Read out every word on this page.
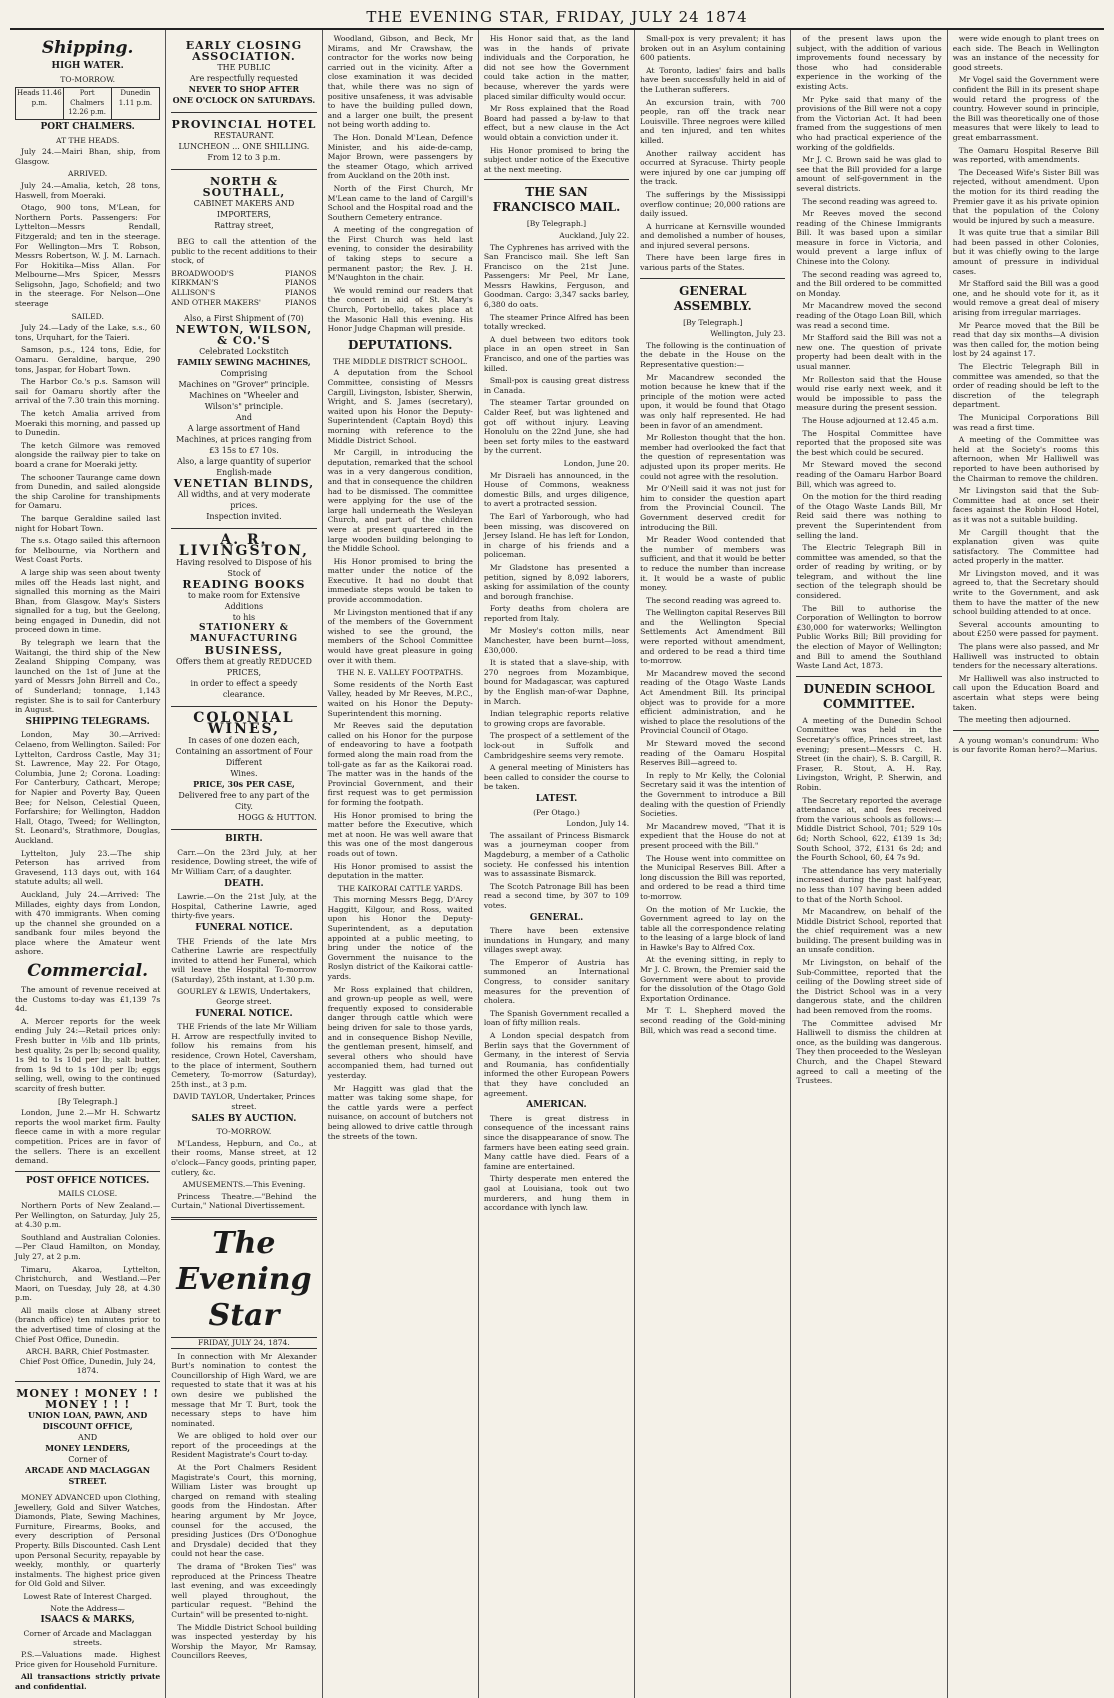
THE EVENING STAR, FRIDAY, JULY 24 1874
Shipping.
HIGH WATER.
TO-MORROW.
Heads 11.46 p.m.
Port Chalmers 12.26 p.m.
Dunedin 1.11 p.m.
PORT CHALMERS.
AT THE HEADS.

July 24.—Mairi Bhan, ship, from Glasgow.

ARRIVED.

July 24.—Amalia, ketch, 28 tons, Haswell, from Moeraki.

Otago, 900 tons, M'Lean, for Northern Ports. Passengers: For Lyttelton—Messrs Rendall, Fitzgerald; and ten in the steerage. For Wellington—Mrs T. Robson, Messrs Robertson, W. J. M. Larnach. For Hokitika—Miss Allan. For Melbourne—Mrs Spicer, Messrs Seligsohn, Jago, Schofield; and two in the steerage. For Nelson—One steerage

SAILED.

July 24.—Lady of the Lake, s.s., 60 tons, Urquhart, for the Taieri.

Samson, p.s., 124 tons, Edie, for Oamaru. Geraldine, barque, 290 tons, Jaspar, for Hobart Town.

The Harbor Co.'s p.s. Samson will sail for Oamaru shortly after the arrival of the 7.30 train this morning.

The ketch Amalia arrived from Moeraki this morning, and passed up to Dunedin.

The ketch Gilmore was removed alongside the railway pier to take on board a crane for Moeraki jetty.

The schooner Taurange came down from Dunedin, and sailed alongside the ship Caroline for transhipments for Oamaru.

The barque Geraldine sailed last night for Hobart Town.

The s.s. Otago sailed this afternoon for Melbourne, via Northern and West Coast Ports.

A large ship was seen about twenty miles off the Heads last night, and signalled this morning as the Mairi Bhan, from Glasgow. May's Sisters signalled for a tug, but the Geelong, being engaged in Dunedin, did not proceed down in time.

By telegraph we learn that the Waitangi, the third ship of the New Zealand Shipping Company, was launched on the 1st of June at the yard of Messrs John Birrell and Co., of Sunderland; tonnage, 1,143 register. She is to sail for Canterbury in August.

SHIPPING TELEGRAMS.

London, May 30.—Arrived: Celaeno, from Wellington. Sailed: For Lyttelton, Cardross Castle, May 31; St. Lawrence, May 22. For Otago, Columbia, June 2; Corona. Loading: For Canterbury, Cathcart, Merope; for Napier and Poverty Bay, Queen Bee; for Nelson, Celestial Queen, Forfarshire; for Wellington, Haddon Hall, Otago, Tweed; for Wellington, St. Leonard's, Strathmore, Douglas, Auckland.

Lyttelton, July 23.—The ship Peterson has arrived from Gravesend, 113 days out, with 164 statute adults; all well.

Auckland, July 24.—Arrived: The Millades, eighty days from London, with 470 immigrants. When coming up the channel she grounded on a sandbank four miles beyond the place where the Amateur went ashore.

Commercial.

The amount of revenue received at the Customs to-day was £1,139 7s 4d.

A. Mercer reports for the week ending July 24:—Retail prices only: Fresh butter in ½lb and 1lb prints, best quality, 2s per lb; second quality, 1s 9d to 1s 10d per lb; salt butter, from 1s 9d to 1s 10d per lb; eggs selling, well, owing to the continued scarcity of fresh butter.

[By Telegraph.]

London, June 2.—Mr H. Schwartz reports the wool market firm. Faulty fleece came in with a more regular competition. Prices are in favor of the sellers. There is an excellent demand.

POST OFFICE NOTICES.
MAILS CLOSE.

Northern Ports of New Zealand.—Per Wellington, on Saturday, July 25, at 4.30 p.m.

Southland and Australian Colonies.—Per Claud Hamilton, on Monday, July 27, at 2 p.m.

Timaru, Akaroa, Lyttelton, Christchurch, and Westland.—Per Maori, on Tuesday, July 28, at 4.30 p.m.

All mails close at Albany street (branch office) ten minutes prior to the advertised time of closing at the Chief Post Office, Dunedin.

ARCH. BARR, Chief Postmaster. Chief Post Office, Dunedin, July 24, 1874.
MONEY ! MONEY ! ! MONEY ! ! !
UNION LOAN, PAWN, AND DISCOUNT OFFICE,
AND
MONEY LENDERS,
Corner of
ARCADE AND MACLAGGAN STREET.

MONEY ADVANCED upon Clothing, Jewellery, Gold and Silver Watches, Diamonds, Plate, Sewing Machines, Furniture, Firearms, Books, and every description of Personal Property. Bills Discounted. Cash Lent upon Personal Security, repayable by weekly, monthly, or quarterly instalments. The highest price given for Old Gold and Silver.

Lowest Rate of Interest Charged.
Note the Address—
ISAACS & MARKS,
Corner of Arcade and Maclaggan streets.

P.S.—Valuations made. Highest Price given for Household Furniture.

All transactions strictly private and confidential.

EARLY CLOSING ASSOCIATION.
THE PUBLIC
Are respectfully requested
NEVER TO SHOP AFTER
ONE O'CLOCK ON SATURDAYS.
PROVINCIAL HOTEL
RESTAURANT.
LUNCHEON ... ONE SHILLING.
From 12 to 3 p.m.
NORTH & SOUTHALL,
CABINET MAKERS AND IMPORTERS,
Rattray street,

BEG to call the attention of the public to the recent additions to their stock, of

BROADWOOD'S	PIANOS
KIRKMAN'S	PIANOS
ALLISON'S	PIANOS
AND OTHER MAKERS'	PIANOS
Also, a First Shipment of (70)
NEWTON, WILSON, & CO.'S
Celebrated Lockstitch
FAMILY SEWING MACHINES,
Comprising
Machines on "Grover" principle. Machines on "Wheeler and Wilson's" principle.
And
A large assortment of Hand Machines, at prices ranging from £3 15s to £7 10s.
Also, a large quantity of superior English-made
VENETIAN BLINDS,
All widths, and at very moderate prices.
Inspection invited.
A. R. LIVINGSTON,
Having resolved to Dispose of his
Stock of
READING BOOKS
to make room for Extensive Additions
to his
STATIONERY & MANUFACTURING
BUSINESS,
Offers them at greatly REDUCED PRICES,
in order to effect a speedy clearance.
COLONIAL WINES,
In cases of one dozen each,
Containing an assortment of Four Different
Wines.
PRICE, 30s PER CASE,
Delivered free to any part of the City.
HOGG & HUTTON.
BIRTH.

Carr.—On the 23rd July, at her residence, Dowling street, the wife of Mr William Carr, of a daughter.

DEATH.

Lawrie.—On the 21st July, at the Hospital, Catherine Lawrie, aged thirty-five years.

FUNERAL NOTICE.

THE Friends of the late Mrs Catherine Lawrie are respectfully invited to attend her Funeral, which will leave the Hospital To-morrow (Saturday), 25th instant, at 1.30 p.m.

GOURLEY & LEWIS, Undertakers, George street.
FUNERAL NOTICE.

THE Friends of the late Mr William H. Arrow are respectfully invited to follow his remains from his residence, Crown Hotel, Caversham, to the place of interment, Southern Cemetery, To-morrow (Saturday), 25th inst., at 3 p.m.

DAVID TAYLOR, Undertaker, Princes street.
SALES BY AUCTION.
TO-MORROW.

M'Landess, Hepburn, and Co., at their rooms, Manse street, at 12 o'clock—Fancy goods, printing paper, cutlery, &c.

AMUSEMENTS.—This Evening.

Princess Theatre.—"Behind the Curtain," National Divertissement.

The Evening Star
FRIDAY, JULY 24, 1874.

In connection with Mr Alexander Burt's nomination to contest the Councillorship of High Ward, we are requested to state that it was at his own desire we published the message that Mr T. Burt, took the necessary steps to have him nominated.

We are obliged to hold over our report of the proceedings at the Resident Magistrate's Court to-day.

At the Port Chalmers Resident Magistrate's Court, this morning, William Lister was brought up charged on remand with stealing goods from the Hindostan. After hearing argument by Mr Joyce, counsel for the accused, the presiding Justices (Drs O'Donoghue and Drysdale) decided that they could not hear the case.

The drama of "Broken Ties" was reproduced at the Princess Theatre last evening, and was exceedingly well played throughout, the particular request. "Behind the Curtain" will be presented to-night.

The Middle District School building was inspected yesterday by his Worship the Mayor, Mr Ramsay, Councillors Reeves,

Woodland, Gibson, and Beck, Mr Mirams, and Mr Crawshaw, the contractor for the works now being carried out in the vicinity. After a close examination it was decided that, while there was no sign of positive unsafeness, it was advisable to have the building pulled down, and a larger one built, the present not being worth adding to.

The Hon. Donald M'Lean, Defence Minister, and his aide-de-camp, Major Brown, were passengers by the steamer Otago, which arrived from Auckland on the 20th inst.

North of the First Church, Mr M'Lean came to the land of Cargill's School and the Hospital road and the Southern Cemetery entrance.

A meeting of the congregation of the First Church was held last evening, to consider the desirability of taking steps to secure a permanent pastor; the Rev. J. H. M'Naughton in the chair.

We would remind our readers that the concert in aid of St. Mary's Church, Portobello, takes place at the Masonic Hall this evening. His Honor Judge Chapman will preside.

DEPUTATIONS.
THE MIDDLE DISTRICT SCHOOL.

A deputation from the School Committee, consisting of Messrs Cargill, Livingston, Isbister, Sherwin, Wright, and S. James (secretary), waited upon his Honor the Deputy-Superintendent (Captain Boyd) this morning with reference to the Middle District School.

Mr Cargill, in introducing the deputation, remarked that the school was in a very dangerous condition, and that in consequence the children had to be dismissed. The committee were applying for the use of the large hall underneath the Wesleyan Church, and part of the children were at present quartered in the large wooden building belonging to the Middle School.

His Honor promised to bring the matter under the notice of the Executive. It had no doubt that immediate steps would be taken to provide accommodation.

Mr Livingston mentioned that if any of the members of the Government wished to see the ground, the members of the School Committee would have great pleasure in going over it with them.

THE N. E. VALLEY FOOTPATHS.

Some residents of the North East Valley, headed by Mr Reeves, M.P.C., waited on his Honor the Deputy-Superintendent this morning.

Mr Reeves said the deputation called on his Honor for the purpose of endeavoring to have a footpath formed along the main road from the toll-gate as far as the Kaikorai road. The matter was in the hands of the Provincial Government, and their first request was to get permission for forming the footpath.

His Honor promised to bring the matter before the Executive, which met at noon. He was well aware that this was one of the most dangerous roads out of town.

His Honor promised to assist the deputation in the matter.

THE KAIKORAI CATTLE YARDS.

This morning Messrs Begg, D'Arcy Haggitt, Kilgour, and Ross, waited upon his Honor the Deputy-Superintendent, as a deputation appointed at a public meeting, to bring under the notice of the Government the nuisance to the Roslyn district of the Kaikorai cattle-yards.

Mr Ross explained that children, and grown-up people as well, were frequently exposed to considerable danger through cattle which were being driven for sale to those yards, and in consequence Bishop Neville, the gentleman present, himself, and several others who should have accompanied them, had turned out yesterday.

Mr Haggitt was glad that the matter was taking some shape, for the cattle yards were a perfect nuisance, on account of butchers not being allowed to drive cattle through the streets of the town.

His Honor said that, as the land was in the hands of private individuals and the Corporation, he did not see how the Government could take action in the matter, because, wherever the yards were placed similar difficulty would occur.

Mr Ross explained that the Road Board had passed a by-law to that effect, but a new clause in the Act would obtain a conviction under it.

His Honor promised to bring the subject under notice of the Executive at the next meeting.

THE SAN FRANCISCO MAIL.
[By Telegraph.]
Auckland, July 22.

The Cyphrenes has arrived with the San Francisco mail. She left San Francisco on the 21st June. Passengers: Mr Peel, Mr Lane, Messrs Hawkins, Ferguson, and Goodman. Cargo: 3,347 sacks barley, 6,380 do oats.

The steamer Prince Alfred has been totally wrecked.

A duel between two editors took place in an open street in San Francisco, and one of the parties was killed.

Small-pox is causing great distress in Canada.

The steamer Tartar grounded on Calder Reef, but was lightened and got off without injury. Leaving Honolulu on the 22nd June, she had been set forty miles to the eastward by the current.

London, June 20.

Mr Disraeli has announced, in the House of Commons, weakness domestic Bills, and urges diligence, to avert a protracted session.

The Earl of Yarborough, who had been missing, was discovered on Jersey Island. He has left for London, in charge of his friends and a policeman.

Mr Gladstone has presented a petition, signed by 8,092 laborers, asking for assimilation of the county and borough franchise.

Forty deaths from cholera are reported from Italy.

Mr Mosley's cotton mills, near Manchester, have been burnt—loss, £30,000.

It is stated that a slave-ship, with 270 negroes from Mozambique, bound for Madagascar, was captured by the English man-of-war Daphne, in March.

Indian telegraphic reports relative to growing crops are favorable.

The prospect of a settlement of the lock-out in Suffolk and Cambridgeshire seems very remote.

A general meeting of Ministers has been called to consider the course to be taken.

LATEST.
(Per Otago.)
London, July 14.

The assailant of Princess Bismarck was a journeyman cooper from Magdeburg, a member of a Catholic society. He confessed his intention was to assassinate Bismarck.

The Scotch Patronage Bill has been read a second time, by 307 to 109 votes.

GENERAL.

There have been extensive inundations in Hungary, and many villages swept away.

The Emperor of Austria has summoned an International Congress, to consider sanitary measures for the prevention of cholera.

The Spanish Government recalled a loan of fifty million reals.

A London special despatch from Berlin says that the Government of Germany, in the interest of Servia and Roumania, has confidentially informed the other European Powers that they have concluded an agreement.

AMERICAN.

There is great distress in consequence of the incessant rains since the disappearance of snow. The farmers have been eating seed grain. Many cattle have died. Fears of a famine are entertained.

Thirty desperate men entered the gaol at Louisiana, took out two murderers, and hung them in accordance with lynch law.

Small-pox is very prevalent; it has broken out in an Asylum containing 600 patients.

At Toronto, ladies' fairs and balls have been successfully held in aid of the Lutheran sufferers.

An excursion train, with 700 people, ran off the track near Louisville. Three negroes were killed and ten injured, and ten whites killed.

Another railway accident has occurred at Syracuse. Thirty people were injured by one car jumping off the track.

The sufferings by the Mississippi overflow continue; 20,000 rations are daily issued.

A hurricane at Kernsville wounded and demolished a number of houses, and injured several persons.

There have been large fires in various parts of the States.

GENERAL ASSEMBLY.
[By Telegraph.]
Wellington, July 23.

The following is the continuation of the debate in the House on the Representative question:—

Mr Macandrew seconded the motion because he knew that if the principle of the motion were acted upon, it would be found that Otago was only half represented. He had been in favor of an amendment.

Mr Rolleston thought that the hon. member had overlooked the fact that the question of representation was adjusted upon its proper merits. He could not agree with the resolution.

Mr O'Neill said it was not just for him to consider the question apart from the Provincial Council. The Government deserved credit for introducing the Bill.

Mr Reader Wood contended that the number of members was sufficient, and that it would be better to reduce the number than increase it. It would be a waste of public money.

The second reading was agreed to.

The Wellington capital Reserves Bill and the Wellington Special Settlements Act Amendment Bill were reported without amendment, and ordered to be read a third time to-morrow.

Mr Macandrew moved the second reading of the Otago Waste Lands Act Amendment Bill. Its principal object was to provide for a more efficient administration, and he wished to place the resolutions of the Provincial Council of Otago.

Mr Steward moved the second reading of the Oamaru Hospital Reserves Bill—agreed to.

In reply to Mr Kelly, the Colonial Secretary said it was the intention of the Government to introduce a Bill dealing with the question of Friendly Societies.

Mr Macandrew moved, "That it is expedient that the House do not at present proceed with the Bill."

The House went into committee on the Municipal Reserves Bill. After a long discussion the Bill was reported, and ordered to be read a third time to-morrow.

On the motion of Mr Luckie, the Government agreed to lay on the table all the correspondence relating to the leasing of a large block of land in Hawke's Bay to Alfred Cox.

At the evening sitting, in reply to Mr J. C. Brown, the Premier said the Government were about to provide for the dissolution of the Otago Gold Exportation Ordinance.

Mr T. L. Shepherd moved the second reading of the Gold-mining Bill, which was read a second time.

of the present laws upon the subject, with the addition of various improvements found necessary by those who had considerable experience in the working of the existing Acts.

Mr Pyke said that many of the provisions of the Bill were not a copy from the Victorian Act. It had been framed from the suggestions of men who had practical experience of the working of the goldfields.

Mr J. C. Brown said he was glad to see that the Bill provided for a large amount of self-government in the several districts.

The second reading was agreed to.

Mr Reeves moved the second reading of the Chinese Immigrants Bill. It was based upon a similar measure in force in Victoria, and would prevent a large influx of Chinese into the Colony.

The second reading was agreed to, and the Bill ordered to be committed on Monday.

Mr Macandrew moved the second reading of the Otago Loan Bill, which was read a second time.

Mr Stafford said the Bill was not a new one. The question of private property had been dealt with in the usual manner.

Mr Rolleston said that the House would rise early next week, and it would be impossible to pass the measure during the present session.

The House adjourned at 12.45 a.m.

The Hospital Committee have reported that the proposed site was the best which could be secured.

Mr Steward moved the second reading of the Oamaru Harbor Board Bill, which was agreed to.

On the motion for the third reading of the Otago Waste Lands Bill, Mr Reid said there was nothing to prevent the Superintendent from selling the land.

The Electric Telegraph Bill in committee was amended, so that the order of reading by writing, or by telegram, and without the line section of the telegraph should be considered.

The Bill to authorise the Corporation of Wellington to borrow £30,000 for waterworks; Wellington Public Works Bill; Bill providing for the election of Mayor of Wellington; and Bill to amend the Southland Waste Land Act, 1873.

DUNEDIN SCHOOL COMMITTEE.

A meeting of the Dunedin School Committee was held in the Secretary's office, Princes street, last evening; present—Messrs C. H. Street (in the chair), S. B. Cargill, R. Fraser, R. Stout, A. H. Ray, Livingston, Wright, P. Sherwin, and Robin.

The Secretary reported the average attendance at, and fees received from the various schools as follows:—Middle District School, 701; 529 10s 6d; North School, 622, £139 1s 3d; South School, 372, £131 6s 2d; and the Fourth School, 60, £4 7s 9d.

The attendance has very materially increased during the past half-year, no less than 107 having been added to that of the North School.

Mr Macandrew, on behalf of the Middle District School, reported that the chief requirement was a new building. The present building was in an unsafe condition.

Mr Livingston, on behalf of the Sub-Committee, reported that the ceiling of the Dowling street side of the District School was in a very dangerous state, and the children had been removed from the rooms.

The Committee advised Mr Halliwell to dismiss the children at once, as the building was dangerous. They then proceeded to the Wesleyan Church, and the Chapel Steward agreed to call a meeting of the Trustees.

were wide enough to plant trees on each side. The Beach in Wellington was an instance of the necessity for good streets.

Mr Vogel said the Government were confident the Bill in its present shape would retard the progress of the country. However sound in principle, the Bill was theoretically one of those measures that were likely to lead to great embarrassment.

The Oamaru Hospital Reserve Bill was reported, with amendments.

The Deceased Wife's Sister Bill was rejected, without amendment. Upon the motion for its third reading the Premier gave it as his private opinion that the population of the Colony would be injured by such a measure.

It was quite true that a similar Bill had been passed in other Colonies, but it was chiefly owing to the large amount of pressure in individual cases.

Mr Stafford said the Bill was a good one, and he should vote for it, as it would remove a great deal of misery arising from irregular marriages.

Mr Pearce moved that the Bill be read that day six months—A division was then called for, the motion being lost by 24 against 17.

The Electric Telegraph Bill in committee was amended, so that the order of reading should be left to the discretion of the telegraph department.

The Municipal Corporations Bill was read a first time.

A meeting of the Committee was held at the Society's rooms this afternoon, when Mr Halliwell was reported to have been authorised by the Chairman to remove the children.

Mr Livingston said that the Sub-Committee had at once set their faces against the Robin Hood Hotel, as it was not a suitable building.

Mr Cargill thought that the explanation given was quite satisfactory. The Committee had acted properly in the matter.

Mr Livingston moved, and it was agreed to, that the Secretary should write to the Government, and ask them to have the matter of the new school building attended to at once.

Several accounts amounting to about £250 were passed for payment.

The plans were also passed, and Mr Halliwell was instructed to obtain tenders for the necessary alterations.

Mr Halliwell was also instructed to call upon the Education Board and ascertain what steps were being taken.

The meeting then adjourned.

A young woman's conundrum: Who is our favorite Roman hero?—Marius.
